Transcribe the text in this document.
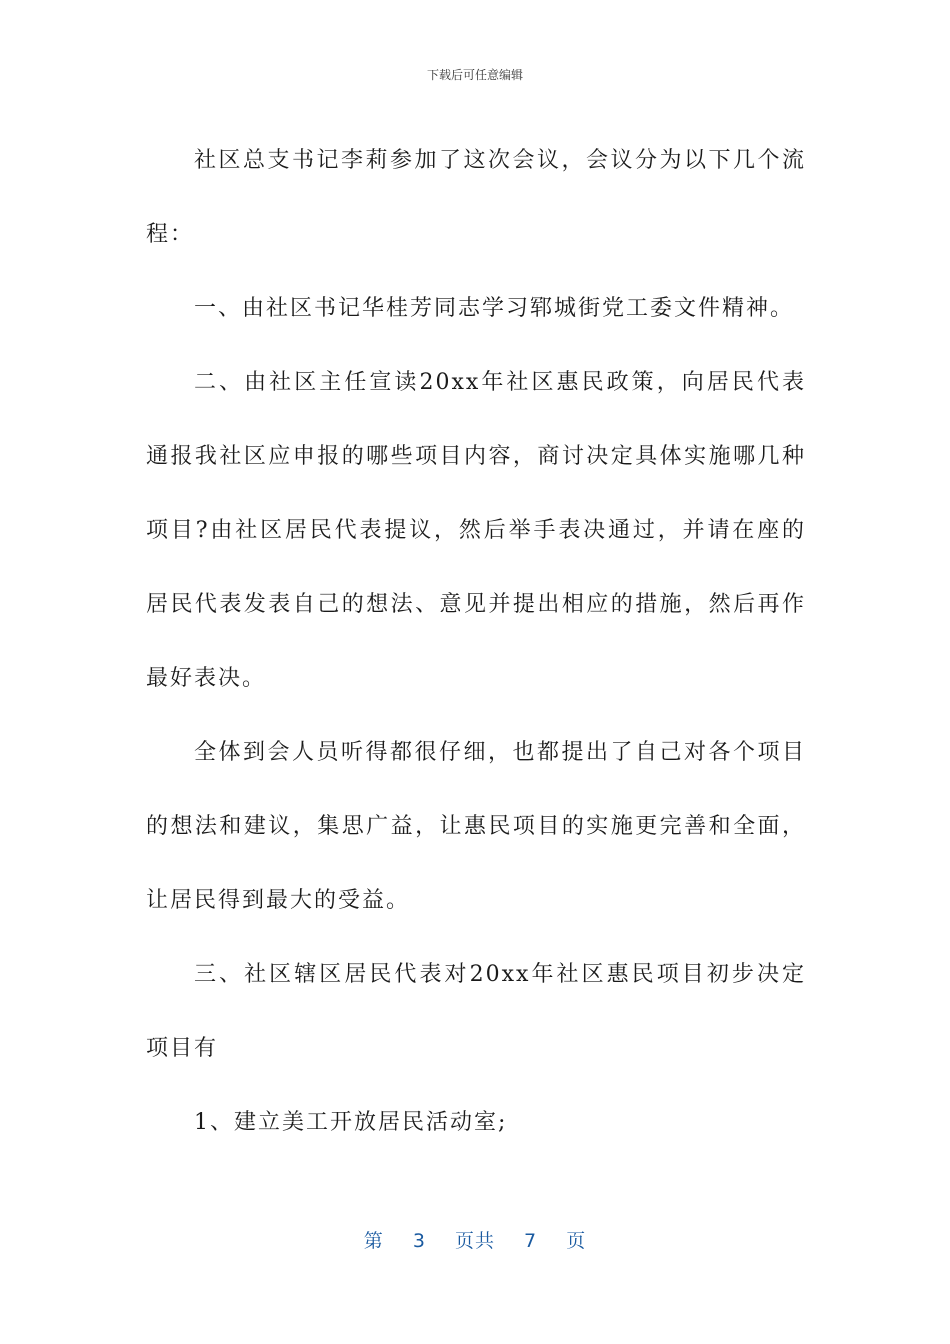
下载后可任意编辑

社区总支书记李莉参加了这次会议，会议分为以下几个流程：

一、由社区书记华桂芳同志学习郓城街党工委文件精神。

二、由社区主任宣读20xx年社区惠民政策，向居民代表通报我社区应申报的哪些项目内容，商讨决定具体实施哪几种项目?由社区居民代表提议，然后举手表决通过，并请在座的居民代表发表自己的想法、意见并提出相应的措施，然后再作最好表决。

全体到会人员听得都很仔细，也都提出了自己对各个项目的想法和建议，集思广益，让惠民项目的实施更完善和全面，让居民得到最大的受益。

三、社区辖区居民代表对20xx年社区惠民项目初步决定项目有

1、建立美工开放居民活动室;

第 3 页共 7 页
